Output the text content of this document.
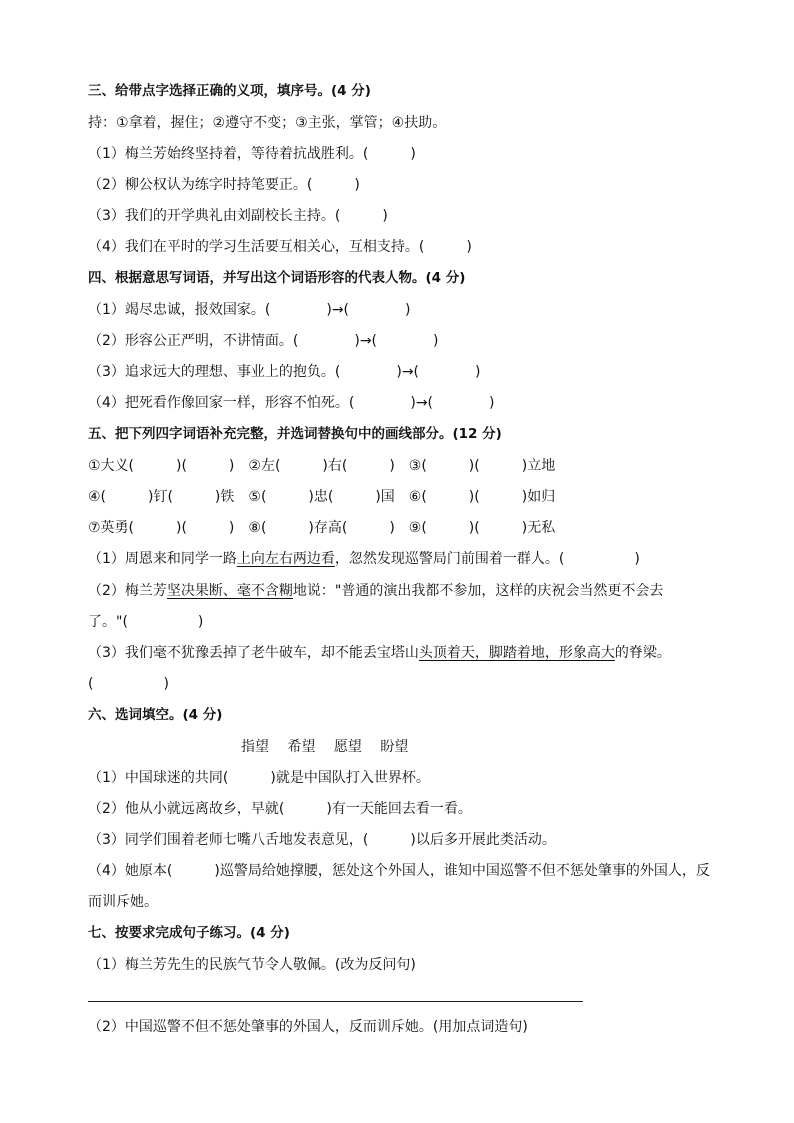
三、给带点字选择正确的义项，填序号。(4 分)
持：①拿着，握住；②遵守不变；③主张，掌管；④扶助。
（1）梅兰芳始终坚持着，等待着抗战胜利。(　　　)
（2）柳公权认为练字时持笔要正。(　　　)
（3）我们的开学典礼由刘副校长主持。(　　　)
（4）我们在平时的学习生活要互相关心，互相支持。(　　　)
四、根据意思写词语，并写出这个词语形容的代表人物。(4 分)
（1）竭尽忠诚，报效国家。(　　　　)→(　　　　)
（2）形容公正严明，不讲情面。(　　　　)→(　　　　)
（3）追求远大的理想、事业上的抱负。(　　　　)→(　　　　)
（4）把死看作像回家一样，形容不怕死。(　　　　)→(　　　　)
五、把下列四字词语补充完整，并选词替换句中的画线部分。(12 分)
①大义(　　　)(　　　)　②左(　　　)右(　　　)　③(　　　)(　　　)立地
④(　　　)钉(　　　)铁　⑤(　　　)忠(　　　)国　⑥(　　　)(　　　)如归
⑦英勇(　　　)(　　　)　⑧(　　　)存高(　　　)　⑨(　　　)(　　　)无私
（1）周恩来和同学一路上向左右两边看，忽然发现巡警局门前围着一群人。(　　　　　)
（2）梅兰芳坚决果断、毫不含糊地说："普通的演出我都不参加，这样的庆祝会当然更不会去
了。"(　　　　　)
（3）我们毫不犹豫丢掉了老牛破车，却不能丢宝塔山头顶着天，脚踏着地，形象高大的脊梁。
(　　　　　)
六、选词填空。(4 分)
指望 希望 愿望 盼望
（1）中国球迷的共同(　　　)就是中国队打入世界杯。
（2）他从小就远离故乡，早就(　　　)有一天能回去看一看。
（3）同学们围着老师七嘴八舌地发表意见，(　　　)以后多开展此类活动。
（4）她原本(　　　)巡警局给她撑腰，惩处这个外国人，谁知中国巡警不但不惩处肇事的外国人，反
而训斥她。
七、按要求完成句子练习。(4 分)
（1）梅兰芳先生的民族气节令人敬佩。(改为反问句)
（2）中国巡警不但不惩处肇事的外国人，反而训斥她。(用加点词造句)
